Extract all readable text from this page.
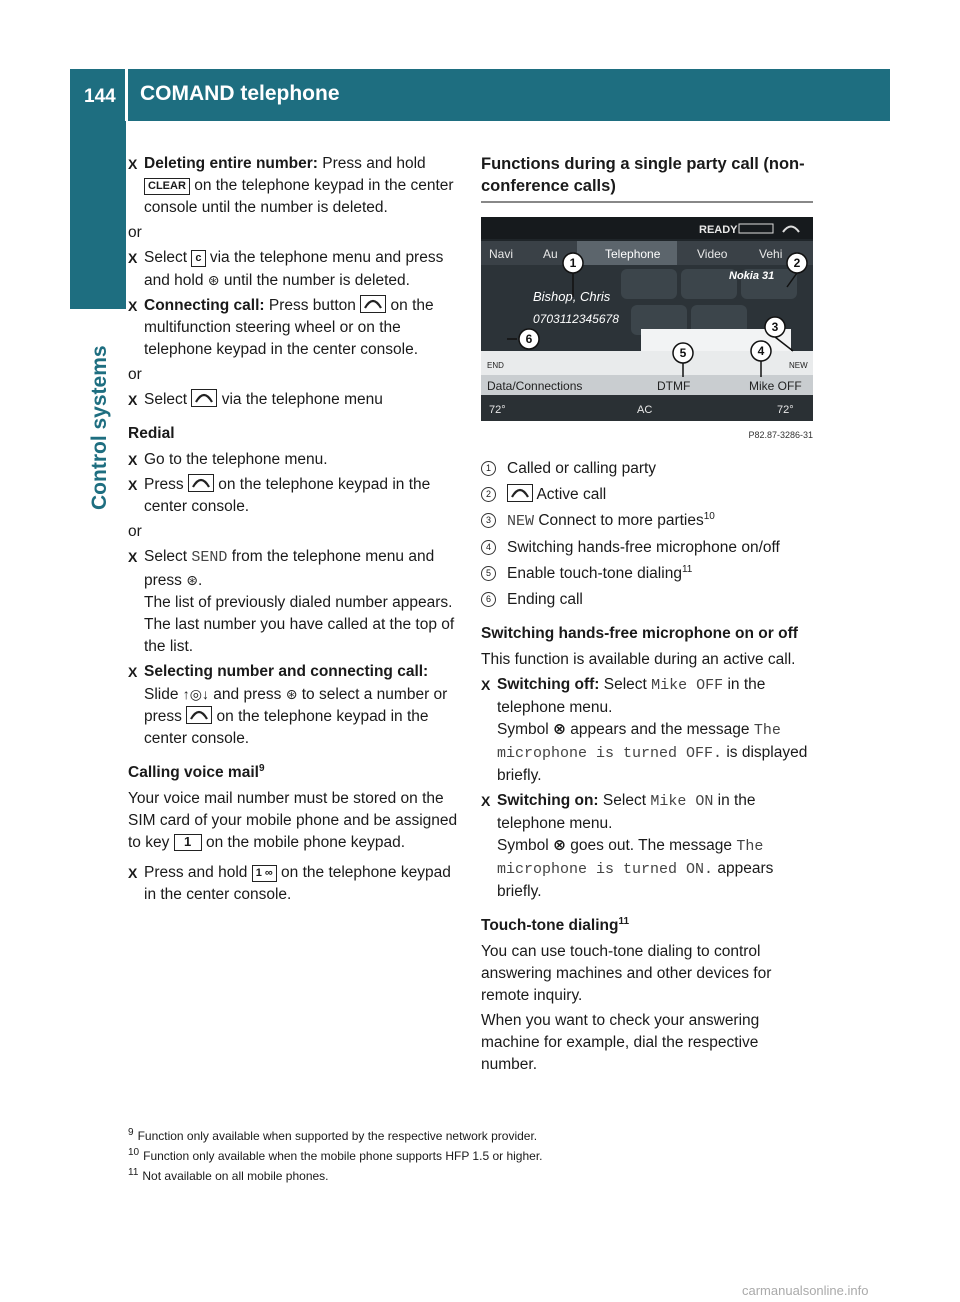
144 COMAND telephone
Control systems
X Deleting entire number: Press and hold CLEAR on the telephone keypad in the center console until the number is deleted.
or
X Select c via the telephone menu and press and hold ⊛ until the number is deleted.
X Connecting call: Press button
on the multifunction steering wheel or on the telephone keypad in the center console.
or
X Select
via the telephone menu
Redial
X Go to the telephone menu.
X Press
on the telephone keypad in the center console.
or
X Select SEND from the telephone menu and press ⊛.
The list of previously dialed number appears. The last number you have called at the top of the list.
X Selecting number and connecting call:
Slide ↑◎↓ and press ⊛ to select a number or press
on the telephone keypad in the center console.
Calling voice mail$^9$
Your voice mail number must be stored on the SIM card of your mobile phone and be assigned to key 1 on the mobile phone keypad.
X Press and hold 1 ∞ on the telephone keypad in the center console.
Functions during a single party call (non-conference calls)
READY
Navi Au	Telephone	Video	Vehi
Nokia 31
Bishop, Chris
0703112345678
END	NEW
Data/Connections	DTMF	Mike OFF
72°	AC	72°
1	2
3
4
5
6
P82.87-3286-31
1	Called or calling party
2	Active call
3	NEW Connect to more parties$^{10}$
4	Switching hands-free microphone on/off
5	Enable touch-tone dialing$^{11}$
6	Ending call
Switching hands-free microphone on or off
This function is available during an active call.
X Switching off: Select Mike OFF in the telephone menu.
Symbol ⊗ appears and the message The microphone is turned OFF. is displayed briefly.
X Switching on: Select Mike ON in the telephone menu.
Symbol ⊗ goes out. The message The microphone is turned ON. appears briefly.
Touch-tone dialing$^{11}$
You can use touch-tone dialing to control answering machines and other devices for remote inquiry.
When you want to check your answering machine for example, dial the respective number.
$^9$ Function only available when supported by the respective network provider.
$^{10}$ Function only available when the mobile phone supports HFP 1.5 or higher.
$^{11}$ Not available on all mobile phones.
carmanualsonline.info
